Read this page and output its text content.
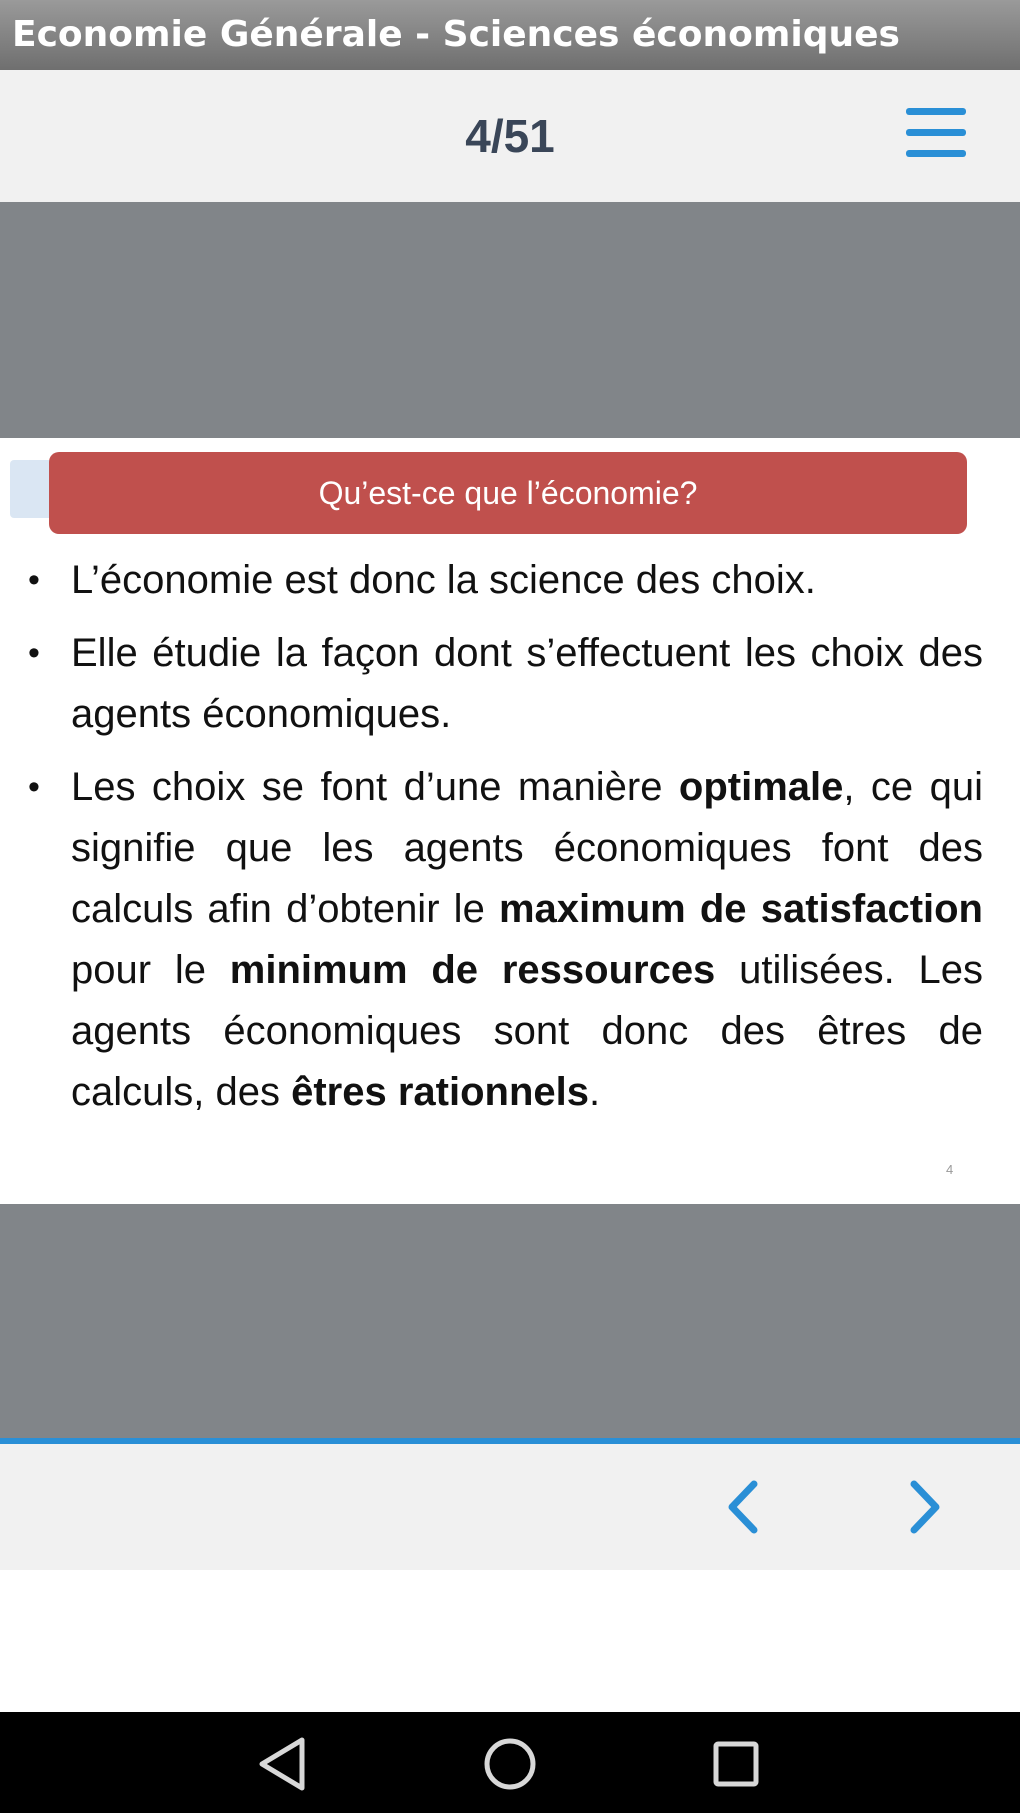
Economie Générale - Sciences économiques
4/51
Qu’est-ce que l’économie?
• L’économie est donc la science des choix.
• Elle étudie la façon dont s’effectuent les choix des agents économiques.
• Les choix se font d’une manière optimale, ce qui signifie que les agents économiques font des calculs afin d’obtenir le maximum de satisfaction pour le minimum de ressources utilisées. Les agents économiques sont donc des êtres de calculs, des êtres rationnels.
4
